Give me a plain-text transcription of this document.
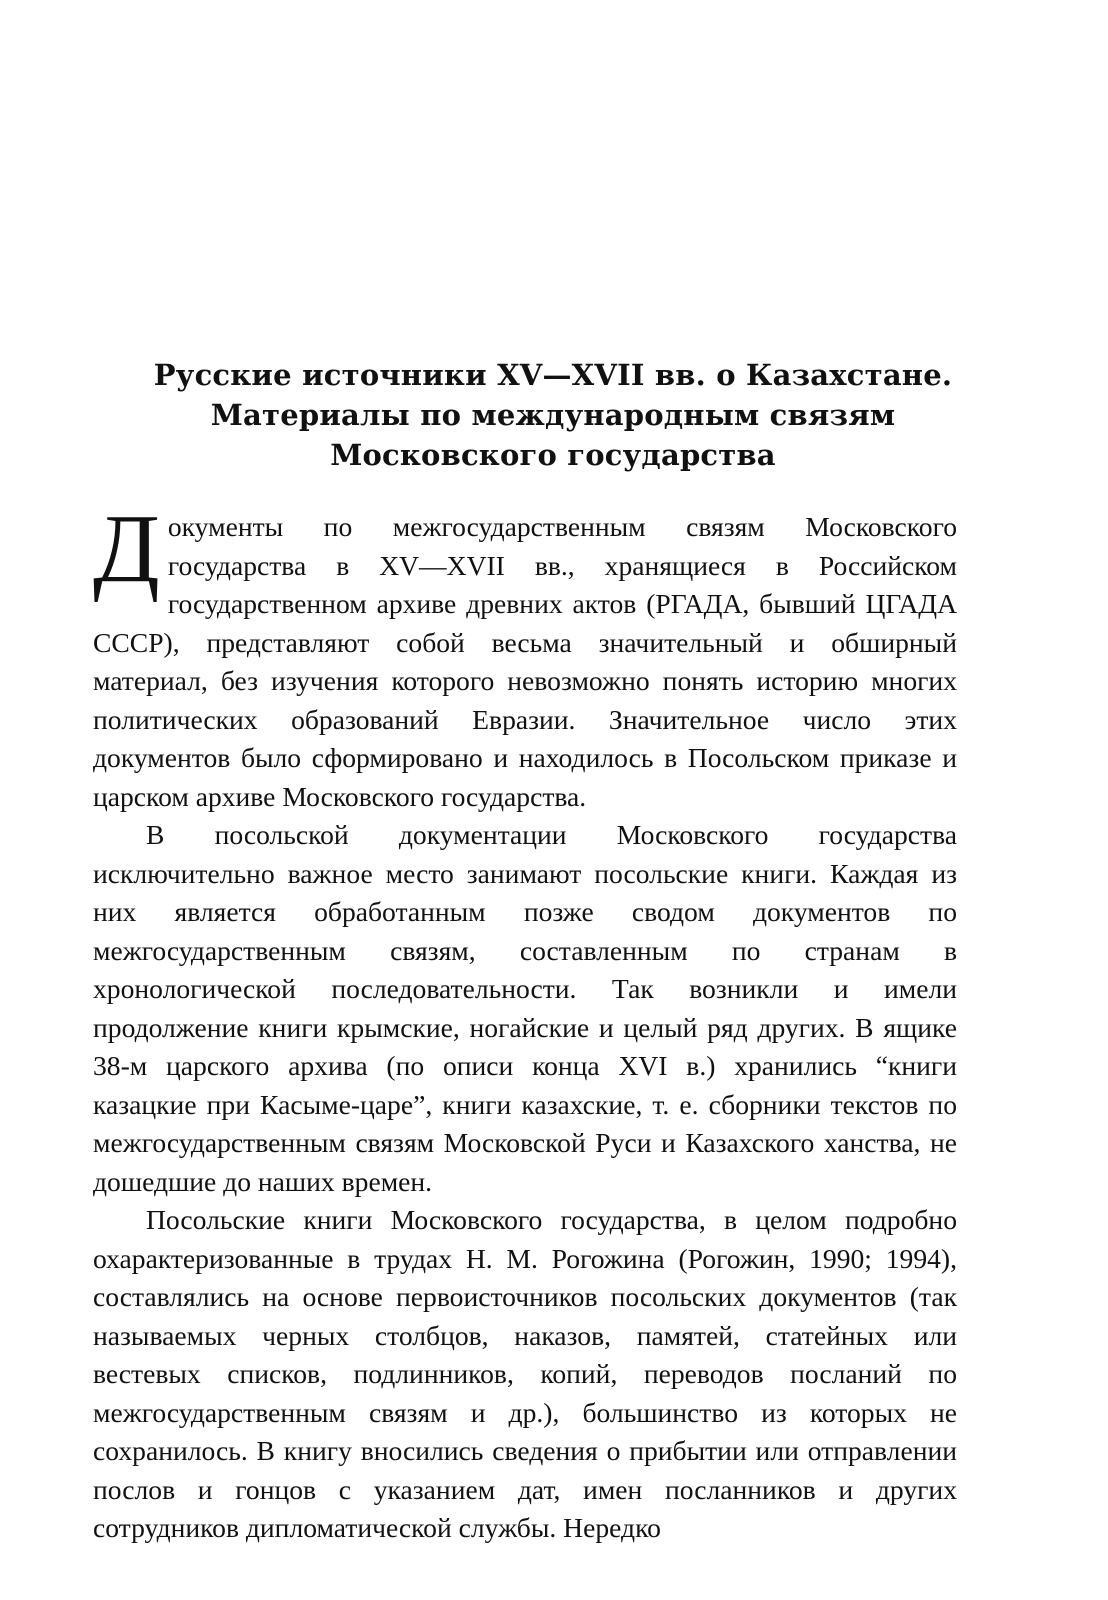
Русские источники XV—XVII вв. о Казахстане.
Материалы по международным связям
Московского государства

Документы по межгосударственным связям Московского государства в XV—XVII вв., хранящиеся в Российском государственном архиве древних актов (РГАДА, бывший ЦГАДА СССР), представляют собой весьма значительный и обширный материал, без изучения которого невозможно понять историю многих политических образований Евразии. Значительное число этих документов было сформировано и находилось в Посольском приказе и царском архиве Московского государства.

В посольской документации Московского государства исключительно важное место занимают посольские книги. Каждая из них является обработанным позже сводом документов по межгосударственным связям, составленным по странам в хронологической последовательности. Так возникли и имели продолжение книги крымские, ногайские и целый ряд других. В ящике 38-м царского архива (по описи конца XVI в.) хранились “книги казацкие при Касыме-царе”, книги казахские, т. е. сборники текстов по межгосударственным связям Московской Руси и Казахского ханства, не дошедшие до наших времен.

Посольские книги Московского государства, в целом подробно охарактеризованные в трудах Н. М. Рогожина (Рогожин, 1990; 1994), составлялись на основе первоисточников посольских документов (так называемых черных столбцов, наказов, памятей, статейных или вестевых списков, подлинников, копий, переводов посланий по межгосударственным связям и др.), большинство из которых не сохранилось. В книгу вносились сведения о прибытии или отправлении послов и гонцов с указанием дат, имен посланников и других сотрудников дипломатической службы. Нередко
